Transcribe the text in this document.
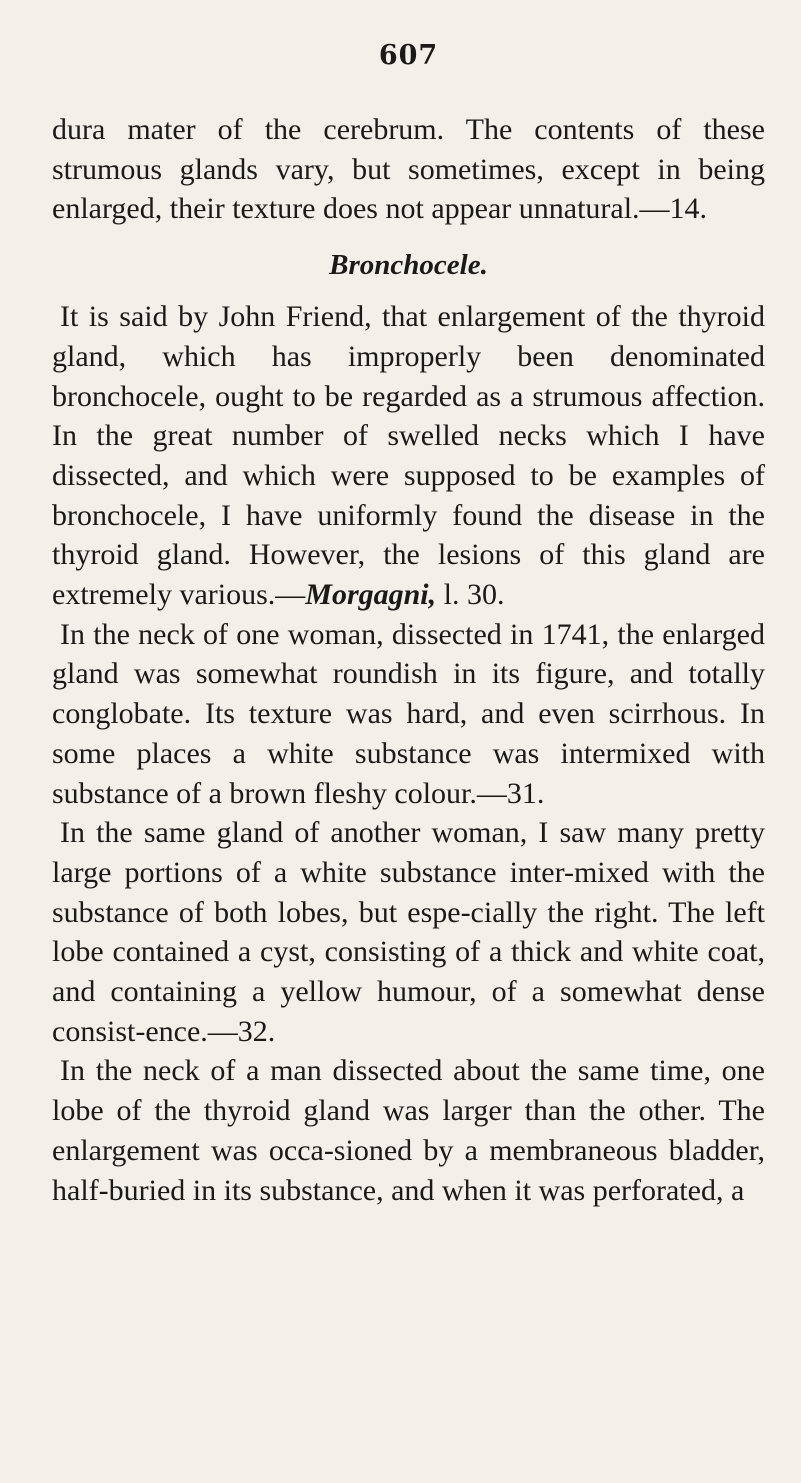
607

dura mater of the cerebrum. The contents of these strumous glands vary, but sometimes, except in being enlarged, their texture does not appear unnatural.—14.

Bronchocele.

It is said by John Friend, that enlargement of the thyroid gland, which has improperly been denominated bronchocele, ought to be regarded as a strumous affection. In the great number of swelled necks which I have dissected, and which were supposed to be examples of bronchocele, I have uniformly found the disease in the thyroid gland. However, the lesions of this gland are extremely various.—Morgagni, l. 30.

In the neck of one woman, dissected in 1741, the enlarged gland was somewhat roundish in its figure, and totally conglobate. Its texture was hard, and even scirrhous. In some places a white substance was intermixed with substance of a brown fleshy colour.—31.

In the same gland of another woman, I saw many pretty large portions of a white substance inter-mixed with the substance of both lobes, but espe-cially the right. The left lobe contained a cyst, consisting of a thick and white coat, and containing a yellow humour, of a somewhat dense consist-ence.—32.

In the neck of a man dissected about the same time, one lobe of the thyroid gland was larger than the other. The enlargement was occa-sioned by a membraneous bladder, half-buried in its substance, and when it was perforated, a
